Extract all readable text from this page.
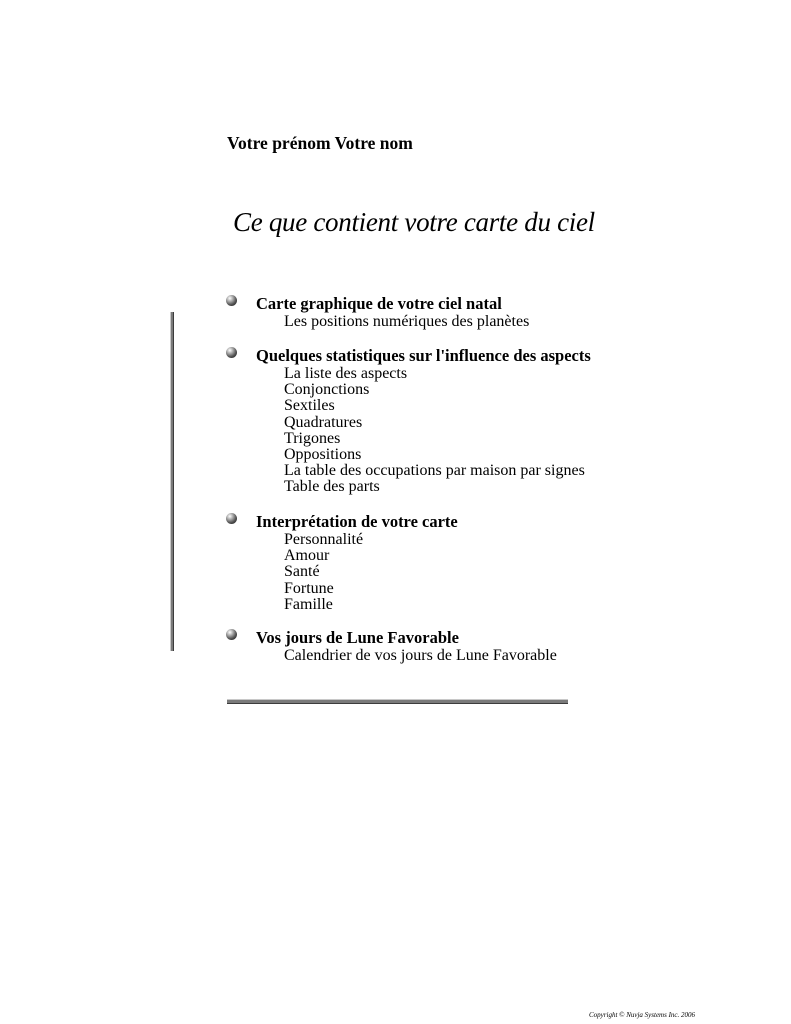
Votre prénom Votre nom
Ce que contient votre carte du ciel
Carte graphique de votre ciel natal
Les positions numériques des planètes
Quelques statistiques sur l'influence des aspects
La liste des aspects
Conjonctions
Sextiles
Quadratures
Trigones
Oppositions
La table des occupations par maison par signes
Table des parts
Interprétation de votre carte
Personnalité
Amour
Santé
Fortune
Famille
Vos jours de Lune Favorable
Calendrier de vos jours de Lune Favorable
Copyright © Nuvja Systems Inc. 2006
